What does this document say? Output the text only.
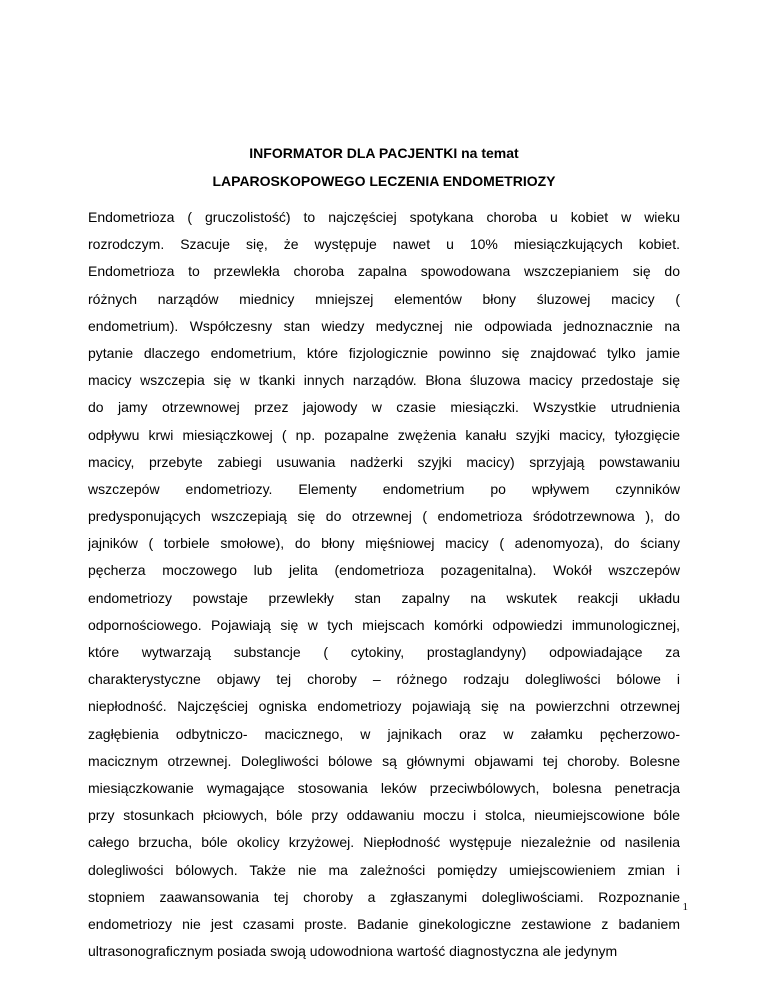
INFORMATOR DLA PACJENTKI na temat
LAPAROSKOPOWEGO LECZENIA ENDOMETRIOZY
Endometrioza ( gruczolistość) to najczęściej spotykana choroba u kobiet w wieku
rozrodczym. Szacuje się, że występuje nawet u 10% miesiączkujących kobiet.
Endometrioza to przewlekła choroba zapalna spowodowana wszczepianiem się do
różnych narządów miednicy mniejszej elementów błony śluzowej macicy (
endometrium). Współczesny stan wiedzy medycznej nie odpowiada jednoznacznie na
pytanie dlaczego endometrium, które fizjologicznie powinno się znajdować tylko jamie
macicy wszczepia się w tkanki innych narządów. Błona śluzowa macicy przedostaje się
do jamy otrzewnowej przez jajowody w czasie miesiączki. Wszystkie utrudnienia
odpływu krwi miesiączkowej ( np. pozapalne zwężenia kanału szyjki macicy, tyłozgięcie
macicy, przebyte zabiegi usuwania nadżerki szyjki macicy) sprzyjają powstawaniu
wszczepów endometriozy. Elementy endometrium po wpływem czynników
predysponujących wszczepiają się do otrzewnej ( endometrioza śródotrzewnowa ), do
jajników ( torbiele smołowe), do błony mięśniowej macicy ( adenomyoza), do ściany
pęcherza moczowego lub jelita (endometrioza pozagenitalna). Wokół wszczepów
endometriozy powstaje przewlekły stan zapalny na wskutek reakcji układu
odpornościowego. Pojawiają się w tych miejscach komórki odpowiedzi immunologicznej,
które wytwarzają substancje ( cytokiny, prostaglandyny) odpowiadające za
charakterystyczne objawy tej choroby – różnego rodzaju dolegliwości bólowe i
niepłodność. Najczęściej ogniska endometriozy pojawiają się na powierzchni otrzewnej
zagłębienia odbytniczo- macicznego, w jajnikach oraz w załamku pęcherzowo-
macicznym otrzewnej. Dolegliwości bólowe są głównymi objawami tej choroby. Bolesne
miesiączkowanie wymagające stosowania leków przeciwbólowych, bolesna penetracja
przy stosunkach płciowych, bóle przy oddawaniu moczu i stolca, nieumiejscowione bóle
całego brzucha, bóle okolicy krzyżowej. Niepłodność występuje niezależnie od nasilenia
dolegliwości bólowych. Także nie ma zależności pomiędzy umiejscowieniem zmian i
stopniem zaawansowania tej choroby a zgłaszanymi dolegliwościami. Rozpoznanie
endometriozy nie jest czasami proste. Badanie ginekologiczne zestawione z badaniem
ultrasonograficznym posiada swoją udowodniona wartość diagnostyczna ale jedynym
1
